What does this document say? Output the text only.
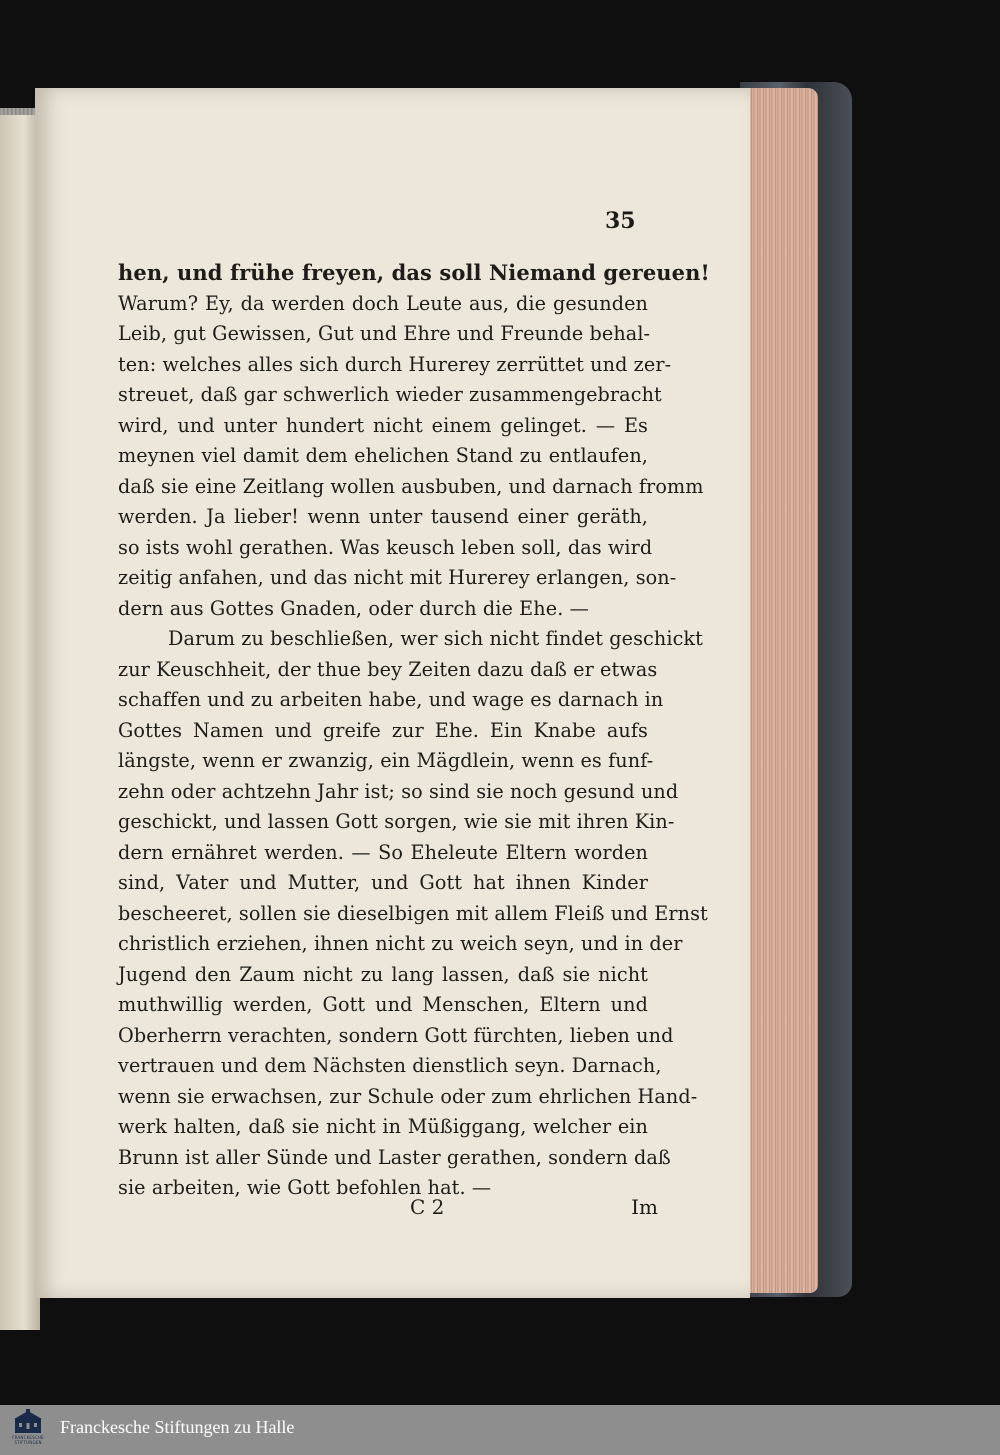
35
hen, und frühe freyen, das soll Niemand gereuen!
Warum? Ey, da werden doch Leute aus, die gesunden
Leib, gut Gewissen, Gut und Ehre und Freunde behal-
ten: welches alles sich durch Hurerey zerrüttet und zer-
streuet, daß gar schwerlich wieder zusammengebracht
wird, und unter hundert nicht einem gelinget. — Es
meynen viel damit dem ehelichen Stand zu entlaufen,
daß sie eine Zeitlang wollen ausbuben, und darnach fromm
werden. Ja lieber! wenn unter tausend einer geräth,
so ists wohl gerathen. Was keusch leben soll, das wird
zeitig anfahen, und das nicht mit Hurerey erlangen, son-
dern aus Gottes Gnaden, oder durch die Ehe. —
Darum zu beschließen, wer sich nicht findet geschickt
zur Keuschheit, der thue bey Zeiten dazu daß er etwas
schaffen und zu arbeiten habe, und wage es darnach in
Gottes Namen und greife zur Ehe. Ein Knabe aufs
längste, wenn er zwanzig, ein Mägdlein, wenn es funf-
zehn oder achtzehn Jahr ist; so sind sie noch gesund und
geschickt, und lassen Gott sorgen, wie sie mit ihren Kin-
dern ernähret werden. — So Eheleute Eltern worden
sind, Vater und Mutter, und Gott hat ihnen Kinder
bescheeret, sollen sie dieselbigen mit allem Fleiß und Ernst
christlich erziehen, ihnen nicht zu weich seyn, und in der
Jugend den Zaum nicht zu lang lassen, daß sie nicht
muthwillig werden, Gott und Menschen, Eltern und
Oberherrn verachten, sondern Gott fürchten, lieben und
vertrauen und dem Nächsten dienstlich seyn. Darnach,
wenn sie erwachsen, zur Schule oder zum ehrlichen Hand-
werk halten, daß sie nicht in Müßiggang, welcher ein
Brunn ist aller Sünde und Laster gerathen, sondern daß
sie arbeiten, wie Gott befohlen hat. —
C 2	Im
FRANCKESCHE STIFTUNGEN
Franckesche Stiftungen zu Halle
